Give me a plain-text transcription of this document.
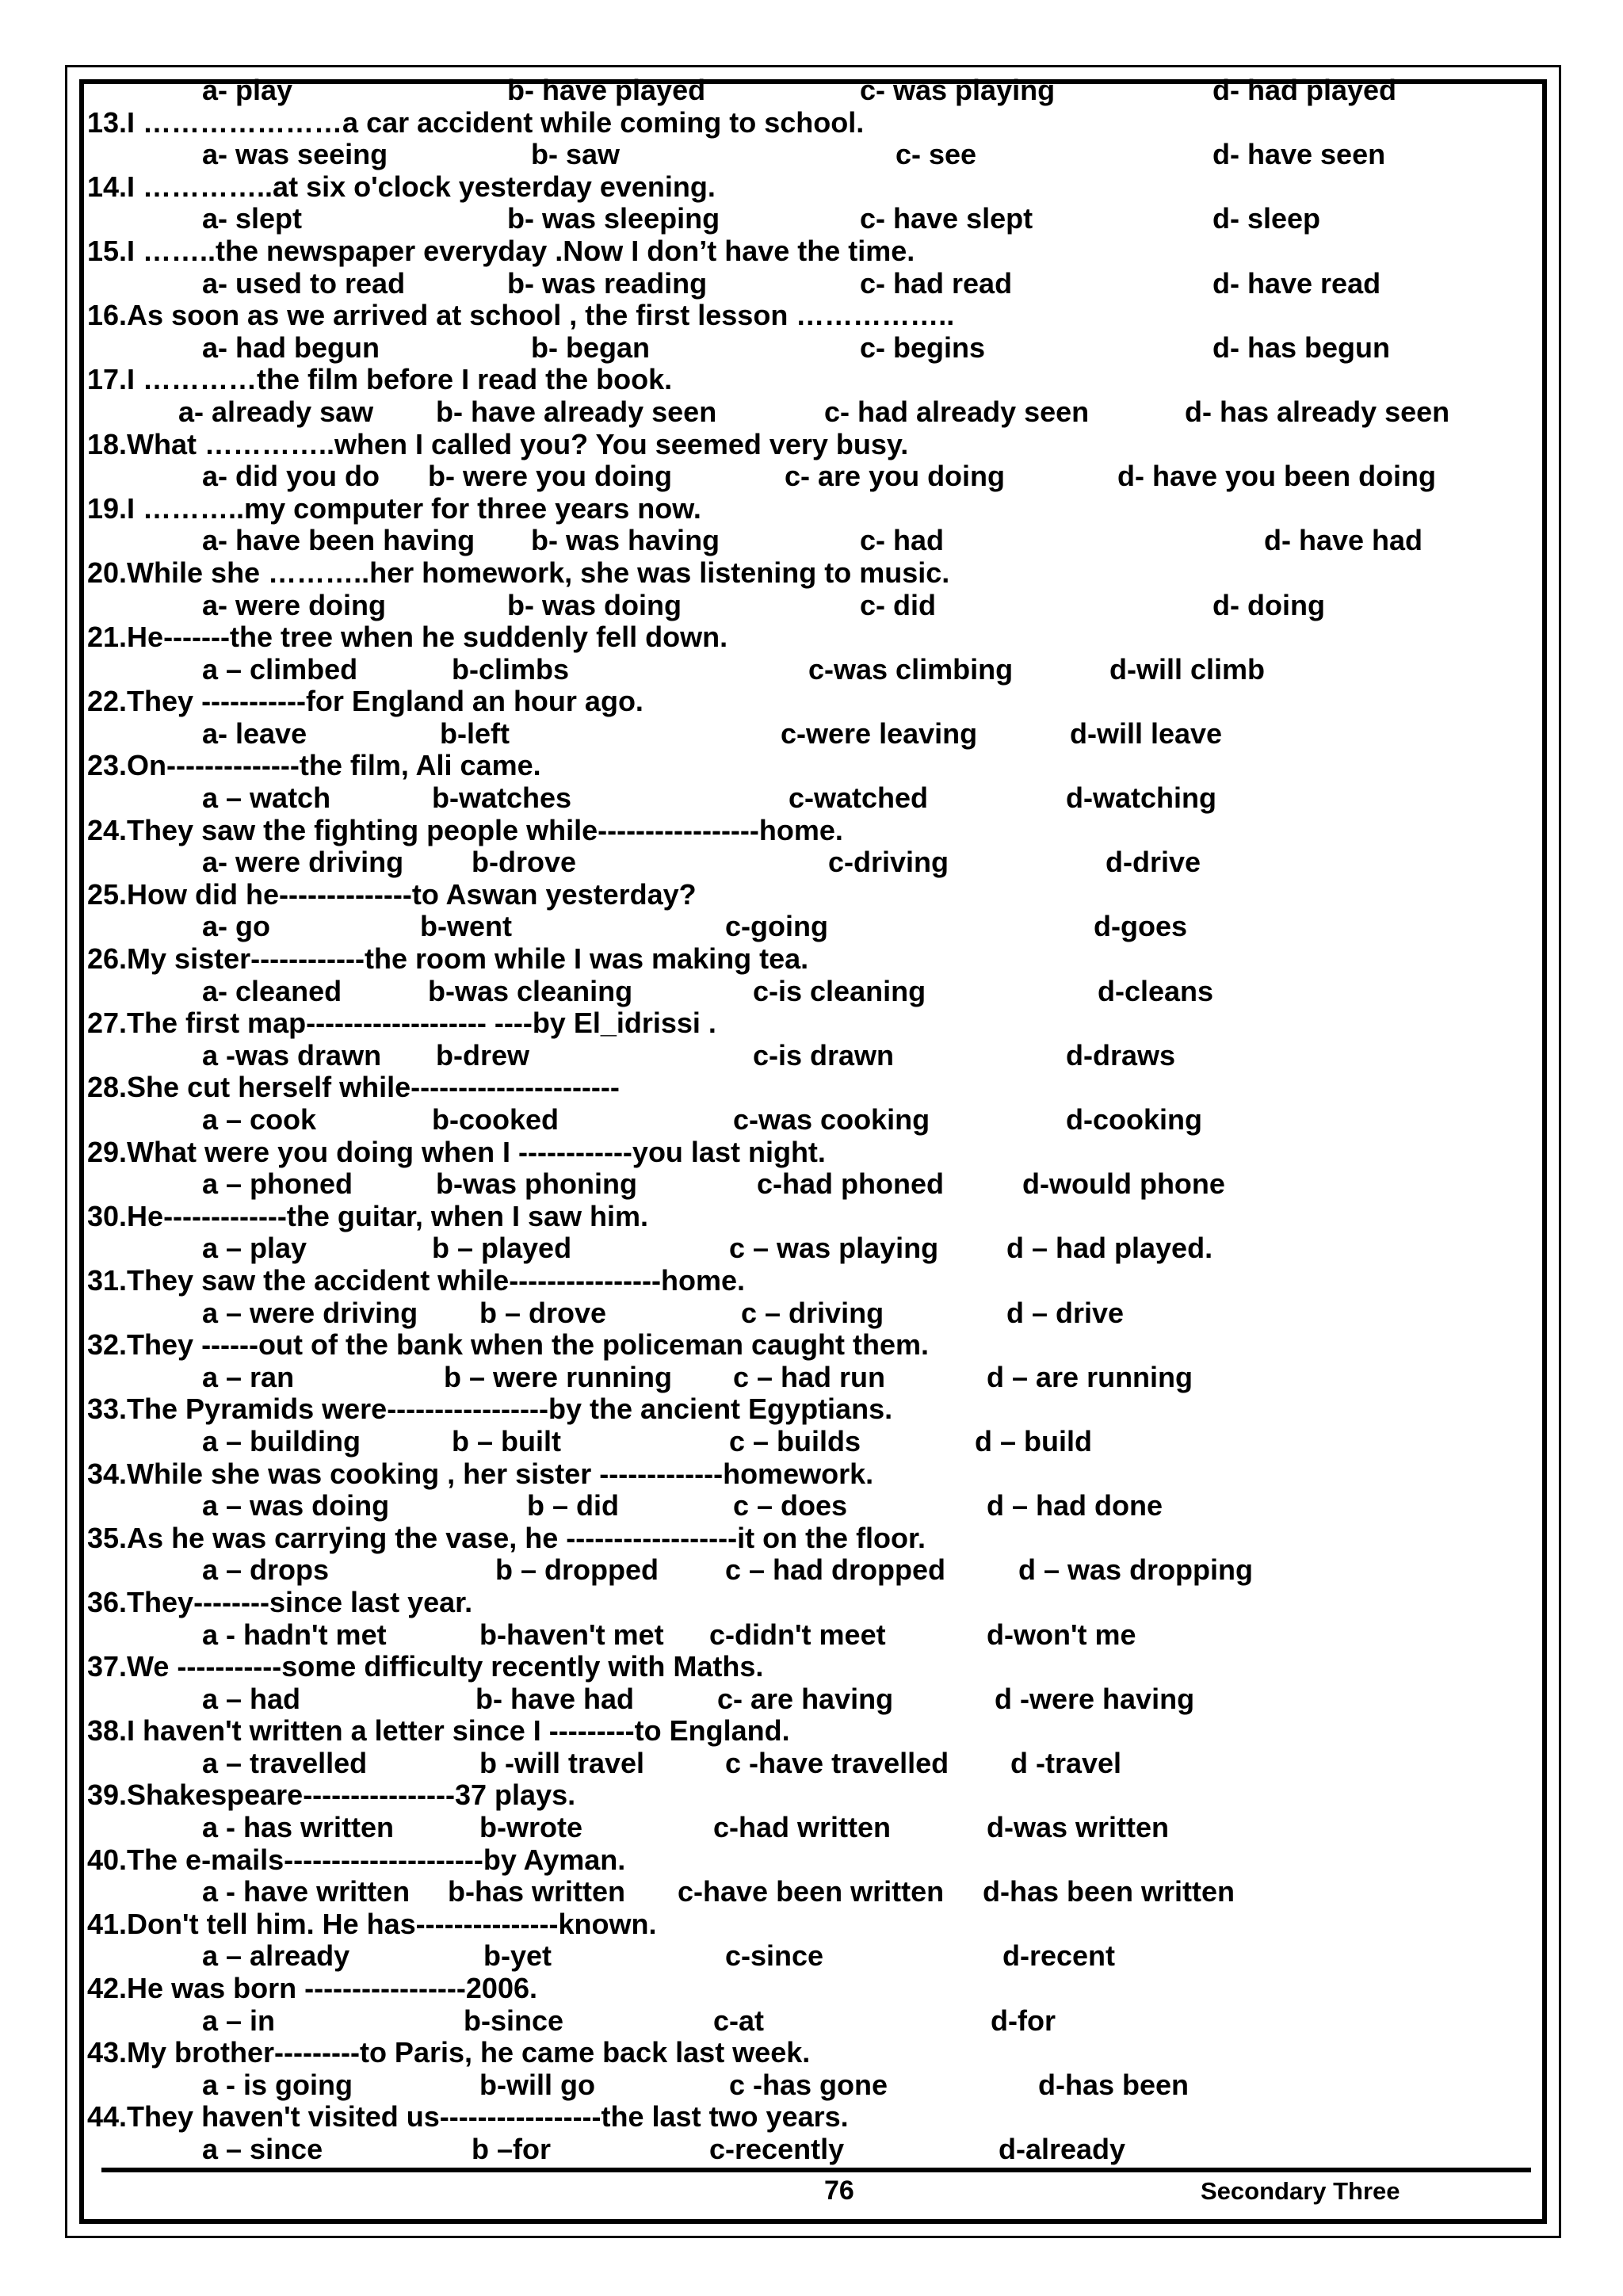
a- play	b- have played	c- was playing	d- had played
13.I …………………a car accident while coming to school.
a- was seeing	b- saw	c- see	d- have seen
14.I …………..at six o'clock yesterday evening.
a- slept	b- was sleeping	c- have slept	d- sleep
15.I ……..the newspaper everyday .Now I don’t have the time.
a- used to read	b- was reading	c- had read	d- have read
16.As soon as we arrived at school , the first lesson ……………..
a- had begun	b- began	c- begins	d- has begun
17.I …………the film before I read the book.
a- already saw b- have already seen	c- had already seen	d- has already seen
18.What …………..when I called you? You seemed very busy.
a- did you do b- were you doing	c- are you doing	d- have you been doing
19.I ………..my computer for three years now.
a- have been having b- was having	c- had	d- have had
20.While she ………..her homework, she was listening to music.
a- were doing	b- was doing	c- did	d- doing
21.He-------the tree when he suddenly fell down.
a – climbed	b-climbs	c-was climbing	d-will climb
22.They -----------for England an hour ago.
a- leave	b-left	c-were leaving	d-will leave
23.On--------------the film, Ali came.
a – watch	b-watches	c-watched	d-watching
24.They saw the fighting people while-----------------home.
a- were driving b-drove	c-driving	d-drive
25.How did he--------------to Aswan yesterday?
a- go	b-went	c-going	d-goes
26.My sister------------the room while I was making tea.
a- cleaned	b-was cleaning	c-is cleaning	d-cleans
27.The first map------------------- ----by El_idrissi .
a -was drawn b-drew	c-is drawn	d-draws
28.She cut herself while----------------------
a – cook	b-cooked	c-was cooking	d-cooking
29.What were you doing when I ------------you last night.
a – phoned	b-was phoning	c-had phoned	d-would phone
30.He-------------the guitar, when I saw him.
a – play	b – played	c – was playing d – had played.
31.They saw the accident while----------------home.
a – were driving b – drove	c – driving	d – drive
32.They ------out of the bank when the policeman caught them.
a – ran	b – were running c – had run	d – are running
33.The Pyramids were-----------------by the ancient Egyptians.
a – building	b – built	c – builds	d – build
34.While she was cooking , her sister -------------homework.
a – was doing	b – did	c – does	d – had done
35.As he was carrying the vase, he ------------------it on the floor.
a – drops	b – dropped c – had dropped	d – was dropping
36.They--------since last year.
a - hadn't met	b-haven't met c-didn't meet	d-won't me
37.We -----------some difficulty recently with Maths.
a – had	b- have had	c- are having	d -were having
38.I haven't written a letter since I ---------to England.
a – travelled	b -will travel	c -have travelled d -travel
39.Shakespeare----------------37 plays.
a - has written	b-wrote	c-had written	d-was written
40.The e-mails---------------------by Ayman.
a - have written b-has written c-have been written d-has been written
41.Don't tell him. He has---------------known.
a – already	b-yet	c-since	d-recent
42.He was born -----------------2006.
a – in	b-since	c-at	d-for
43.My brother---------to Paris, he came back last week.
a - is going	b-will go	c -has gone	d-has been
44.They haven't visited us-----------------the last two years.
a – since	b –for	c-recently	d-already
76	Secondary Three
